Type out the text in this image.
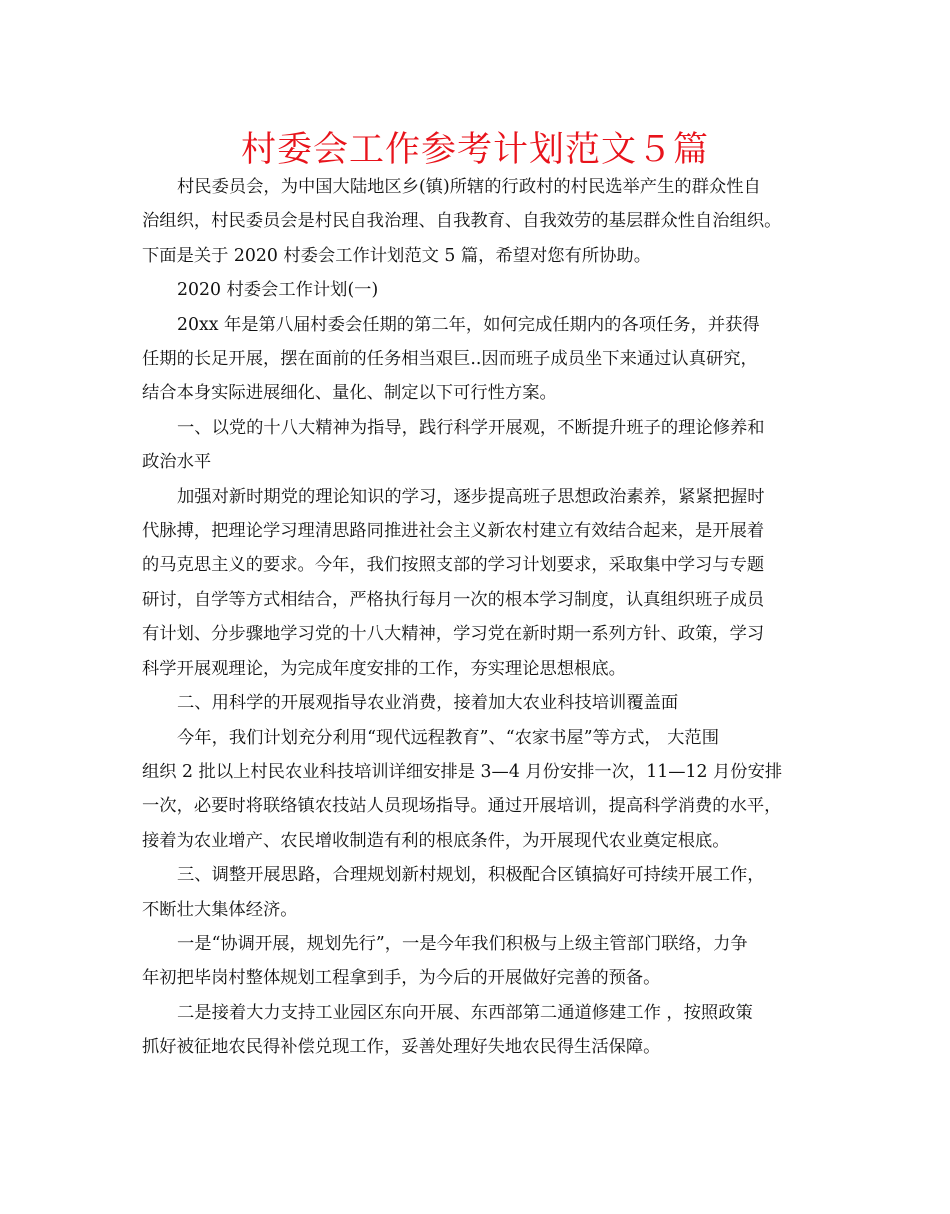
村委会工作参考计划范文５篇
村民委员会，为中国大陆地区乡(镇)所辖的行政村的村民选举产生的群众性自
治组织，村民委员会是村民自我治理、自我教育、自我效劳的基层群众性自治组织。
下面是关于 2020 村委会工作计划范文 5 篇，希望对您有所协助。
2020 村委会工作计划(一)
20xx 年是第八届村委会任期的第二年，如何完成任期内的各项任务，并获得
任期的长足开展，摆在面前的任务相当艰巨..因而班子成员坐下来通过认真研究，
结合本身实际进展细化、量化、制定以下可行性方案。
一、以党的十八大精神为指导，践行科学开展观，不断提升班子的理论修养和
政治水平
加强对新时期党的理论知识的学习，逐步提高班子思想政治素养，紧紧把握时
代脉搏，把理论学习理清思路同推进社会主义新农村建立有效结合起来，是开展着
的马克思主义的要求。今年，我们按照支部的学习计划要求，采取集中学习与专题
研讨，自学等方式相结合，严格执行每月一次的根本学习制度，认真组织班子成员
有计划、分步骤地学习党的十八大精神，学习党在新时期一系列方针、政策，学习
科学开展观理论，为完成年度安排的工作，夯实理论思想根底。
二、用科学的开展观指导农业消费，接着加大农业科技培训覆盖面
今年，我们计划充分利用“现代远程教育”、“农家书屋”等方式， 大范围
组织 2 批以上村民农业科技培训详细安排是 3—4 月份安排一次，11—12 月份安排
一次，必要时将联络镇农技站人员现场指导。通过开展培训，提高科学消费的水平，
接着为农业增产、农民增收制造有利的根底条件，为开展现代农业奠定根底。
三、调整开展思路，合理规划新村规划，积极配合区镇搞好可持续开展工作，
不断壮大集体经济。
一是“协调开展，规划先行”，一是今年我们积极与上级主管部门联络，力争
年初把毕岗村整体规划工程拿到手，为今后的开展做好完善的预备。
二是接着大力支持工业园区东向开展、东西部第二通道修建工作 ，按照政策
抓好被征地农民得补偿兑现工作，妥善处理好失地农民得生活保障。
